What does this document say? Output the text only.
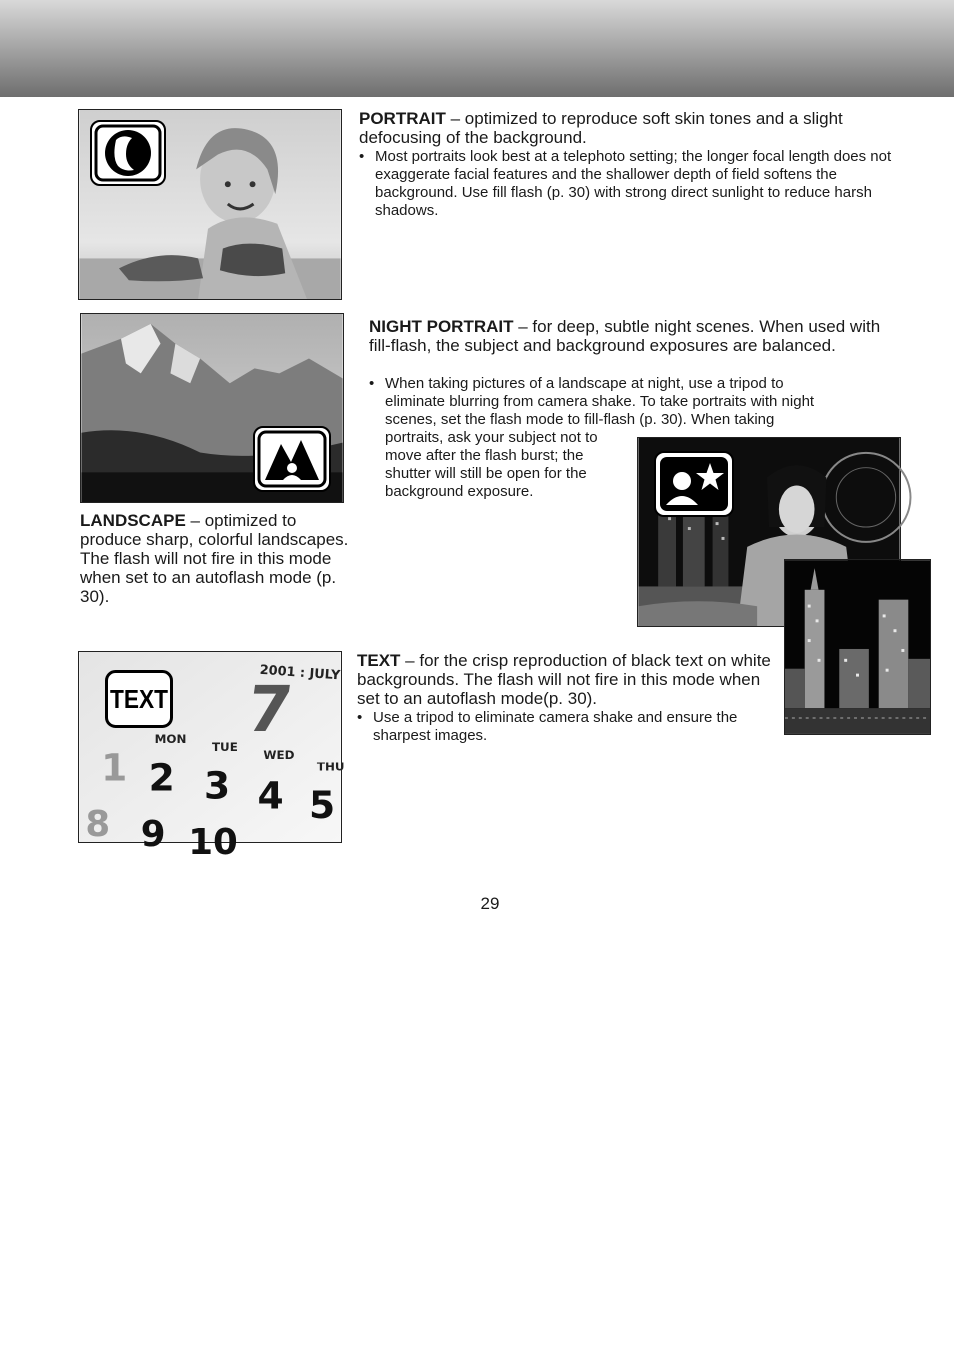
PORTRAIT – optimized to reproduce soft skin tones and a slight defocusing of the background.

• Most portraits look best at a telephoto setting; the longer focal length does not exaggerate facial features and the shallower depth of field softens the background. Use fill flash (p. 30) with strong direct sunlight to reduce harsh shadows.

NIGHT PORTRAIT – for deep, subtle night scenes. When used with fill-flash, the subject and background exposures are balanced.

• When taking pictures of a landscape at night, use a tripod to
eliminate blurring from camera shake. To take portraits with night
scenes, set the flash mode to fill-flash (p. 30). When taking
portraits, ask your subject not to
move after the flash burst; the
shutter will still be open for the
background exposure.

LANDSCAPE – optimized to produce sharp, colorful landscapes. The flash will not fire in this mode when set to an autoflash mode (p. 30).

2001 : JULY
7
MON
TUE
WED
THU
1 2 3 4 5
8 9 10
TEXT

TEXT – for the crisp reproduction of black text on white backgrounds. The flash will not fire in this mode when set to an autoflash mode(p. 30).

• Use a tripod to eliminate camera shake and ensure the sharpest images.

29
